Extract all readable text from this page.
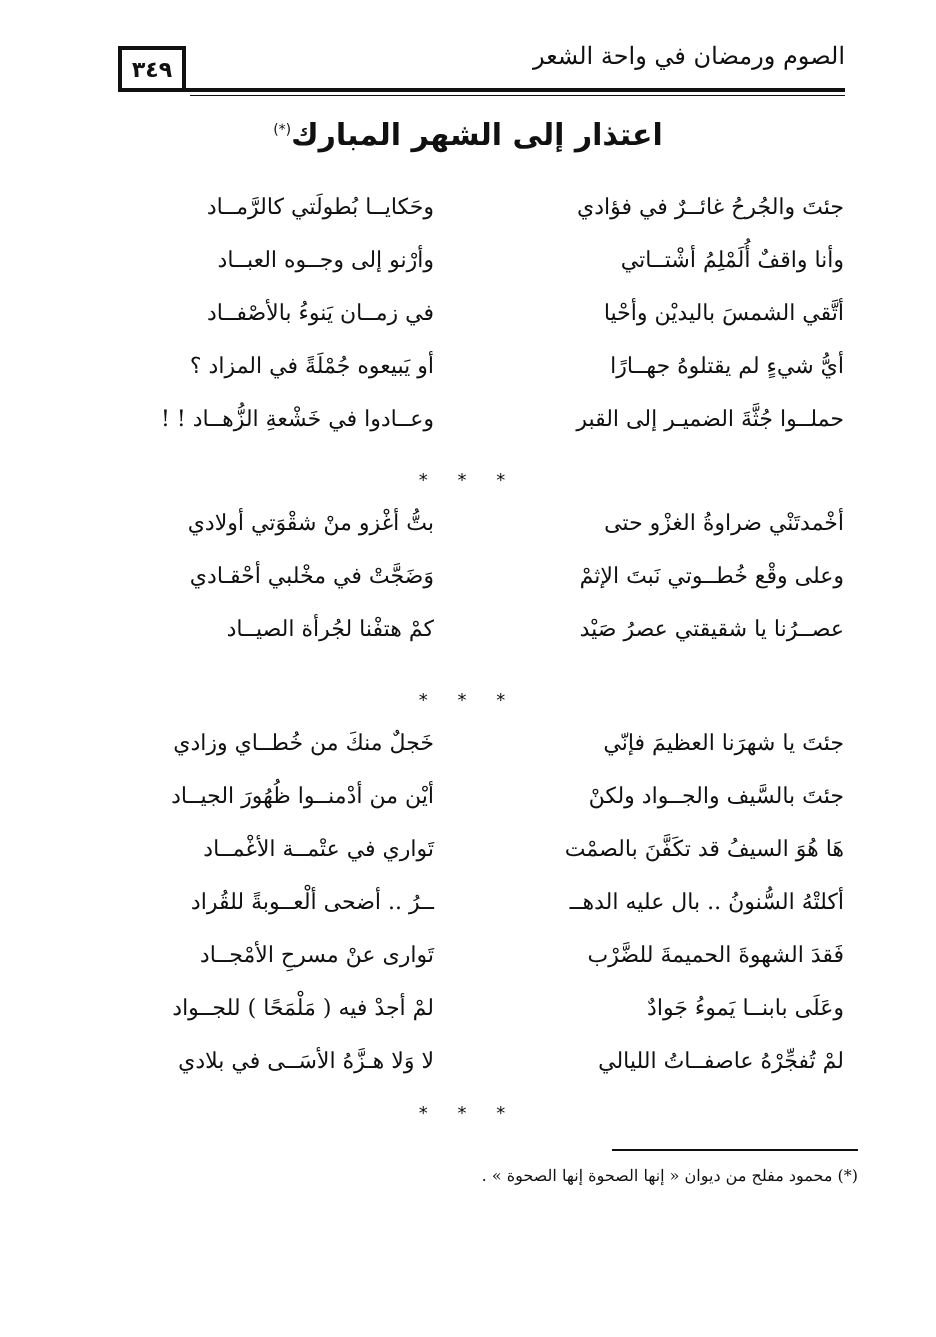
٣٤٩
الصوم ورمضان في واحة الشعر
اعتذار إلى الشهر المبارك(*)
جئتَ والجُرحُ غائــرٌ في فؤادي
وحَكايــا بُطولَتي كالرَّمــاد
وأنا واقفٌ أُلَمْلِمُ أشْتــاتي
وأرْنو إلى وجــوه العبــاد
أتَّقي الشمسَ باليديْن وأحْيا
في زمــان يَنوءُ بالأصْفــاد
أيُّ شيءٍ لم يقتلوهُ جهــارًا
أو يَبيعوه جُمْلَةً في المزاد ؟
حملــوا جُثَّةَ الضميـر إلى القبر
وعــادوا في خَشْعةِ الزُّهــاد ! !
* * *
أخْمدتَنْي ضراوةُ الغزْو حتى
بتُّ أغْزو منْ شقْوَتي أولادي
وعلى وقْع خُطــوتي نَبتَ الإثمْ
وَضَجَّتْ في مخْلبي أحْقـادي
عصــرُنا يا شقيقتي عصرُ صَيْد
كمْ هتفْنا لجُرأة الصيــاد
* * *
جئتَ يا شهرَنا العظيمَ فإنّي
خَجلٌ منكَ من خُطــاي وزادي
جئتَ بالسَّيف والجــواد ولكنْ
أيْن من أدْمنــوا ظُهُورَ الجيــاد
هَا هُوَ السيفُ قد تكَفَّنَ بالصمْت
تَواري في عتْمــة الأغْمــاد
أكلتْهُ السُّنونُ .. بال عليه الدهــ
ــرُ .. أضحى ألْعــوبةً للقُراد
فَقدَ الشهوةَ الحميمةَ للضَّرْب
تَوارى عنْ مسرحِ الأمْجــاد
وعَلَى بابنــا يَموءُ جَوادٌ
لمْ أجدْ فيه ( مَلْمَحًا ) للجــواد
لمْ تُفجِّرْهُ عاصفــاتُ الليالي
لا وَلا هـزَّهُ الأسَــى في بلادي
* * *
(*) محمود مفلح من ديوان « إنها الصحوة إنها الصحوة » .
